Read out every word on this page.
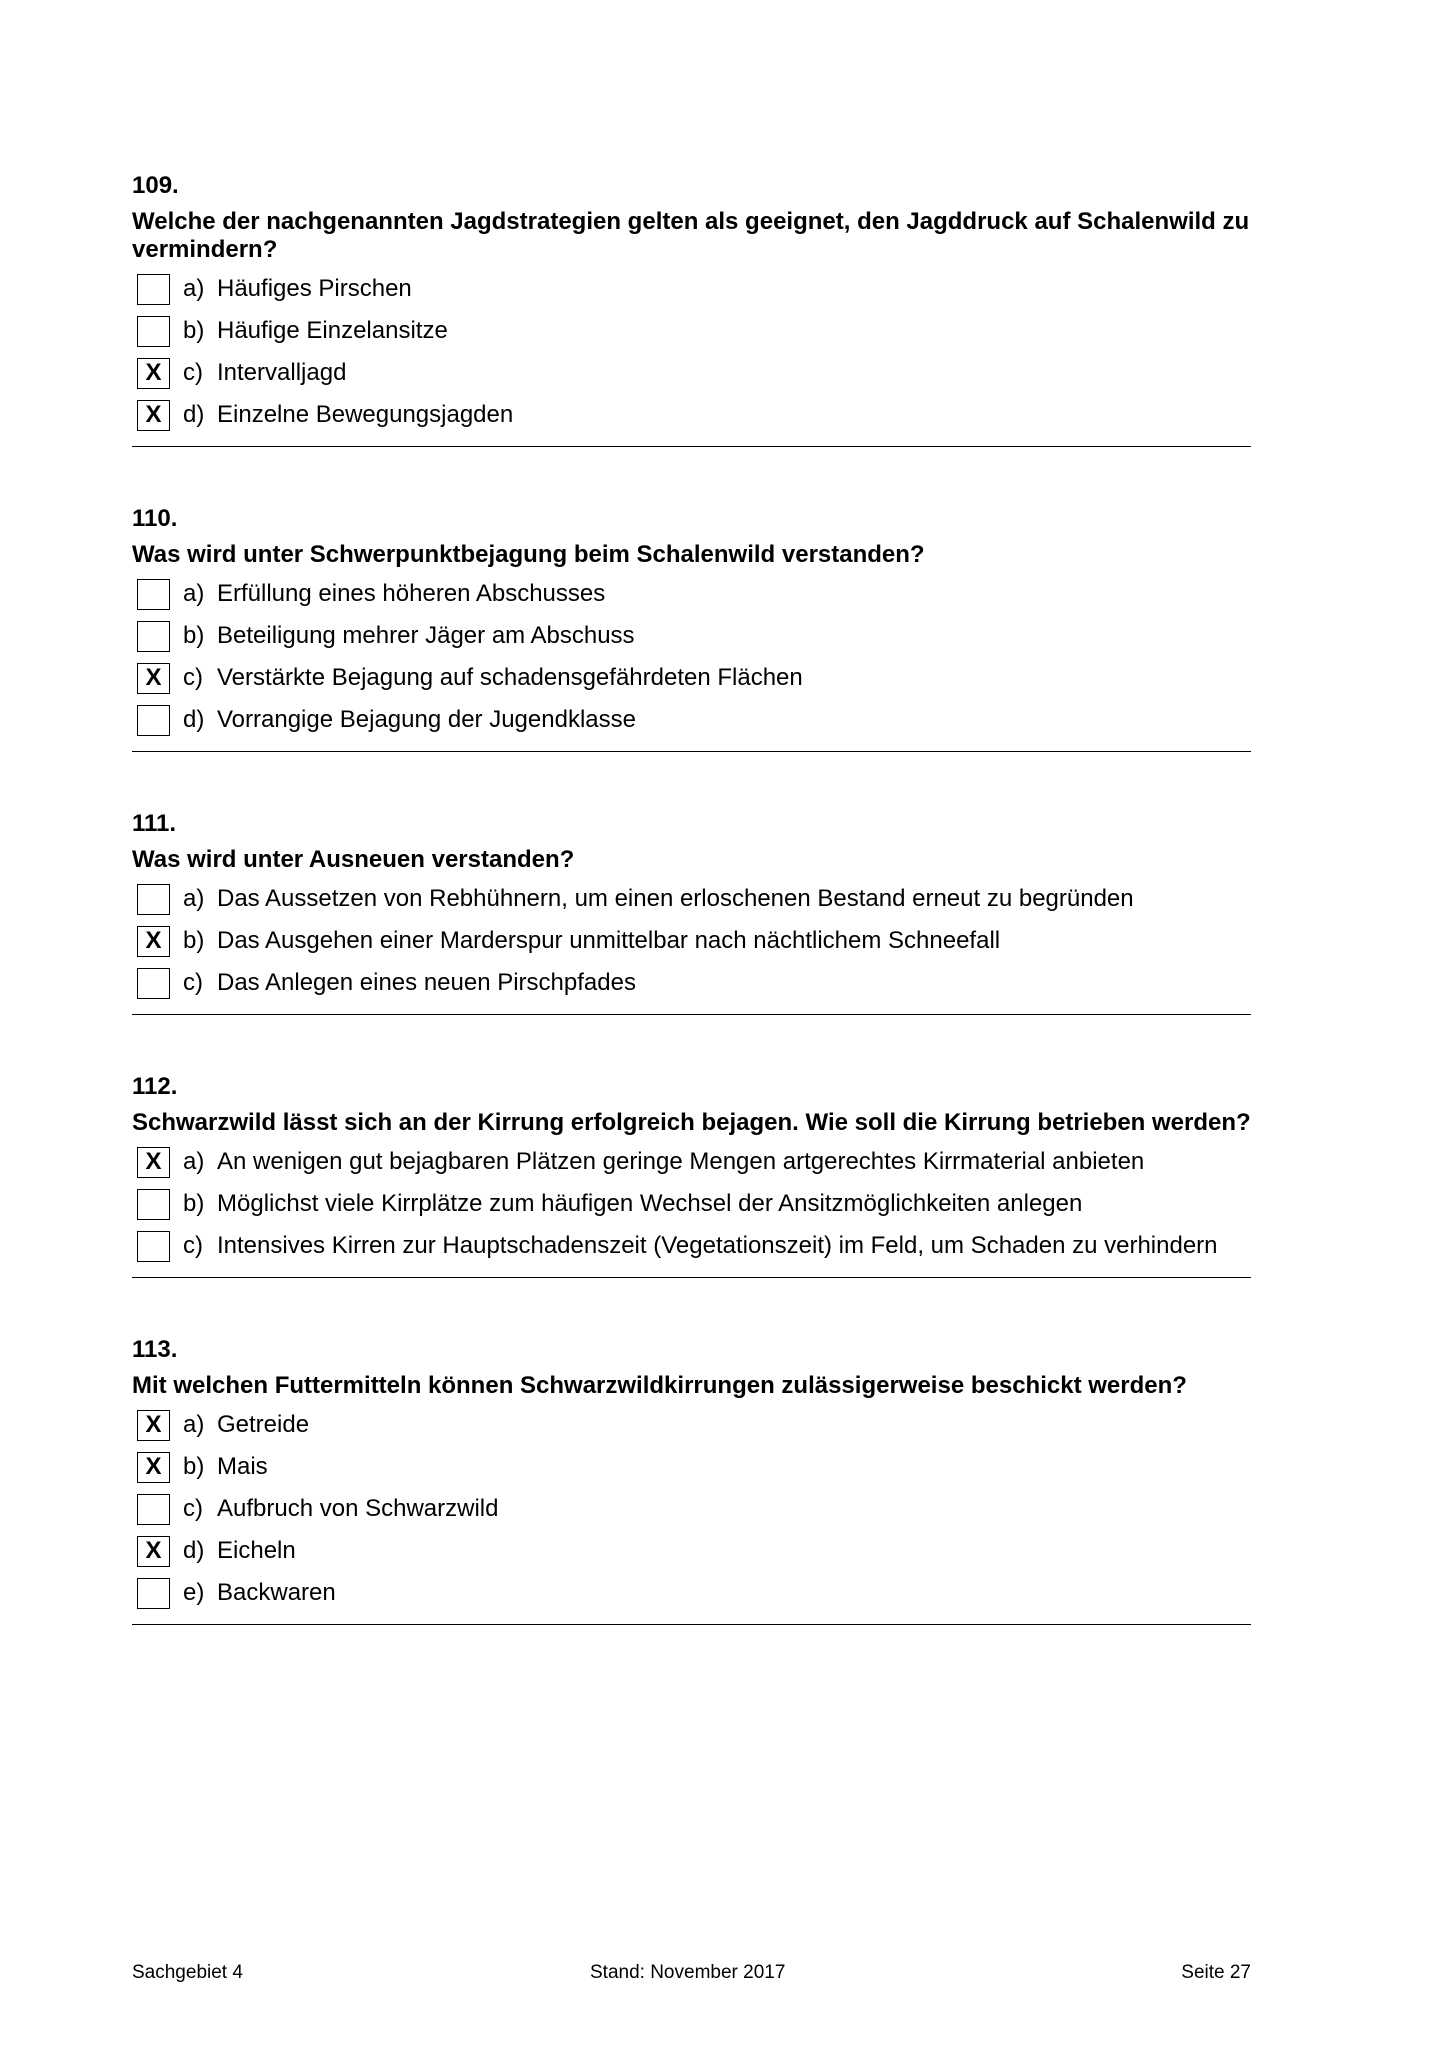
109.
Welche der nachgenannten Jagdstrategien gelten als geeignet, den Jagddruck auf Schalenwild zu vermindern?
a) Häufiges Pirschen
b) Häufige Einzelansitze
X c) Intervalljagd
X d) Einzelne Bewegungsjagden
110.
Was wird unter Schwerpunktbejagung beim Schalenwild verstanden?
a) Erfüllung eines höheren Abschusses
b) Beteiligung mehrer Jäger am Abschuss
X c) Verstärkte Bejagung auf schadensgefährdeten Flächen
d) Vorrangige Bejagung der Jugendklasse
111.
Was wird unter Ausneuen verstanden?
a) Das Aussetzen von Rebhühnern, um einen erloschenen Bestand erneut zu begründen
X b) Das Ausgehen einer Marderspur unmittelbar nach nächtlichem Schneefall
c) Das Anlegen eines neuen Pirschpfades
112.
Schwarzwild lässt sich an der Kirrung erfolgreich bejagen. Wie soll die Kirrung betrieben werden?
X a) An wenigen gut bejagbaren Plätzen geringe Mengen artgerechtes Kirrmaterial anbieten
b) Möglichst viele Kirrplätze zum häufigen Wechsel der Ansitzmöglichkeiten anlegen
c) Intensives Kirren zur Hauptschadenszeit (Vegetationszeit) im Feld, um Schaden zu verhindern
113.
Mit welchen Futtermitteln können Schwarzwildkirrungen zulässigerweise beschickt werden?
X a) Getreide
X b) Mais
c) Aufbruch von Schwarzwild
X d) Eicheln
e) Backwaren
Sachgebiet 4	Stand: November 2017	Seite 27
